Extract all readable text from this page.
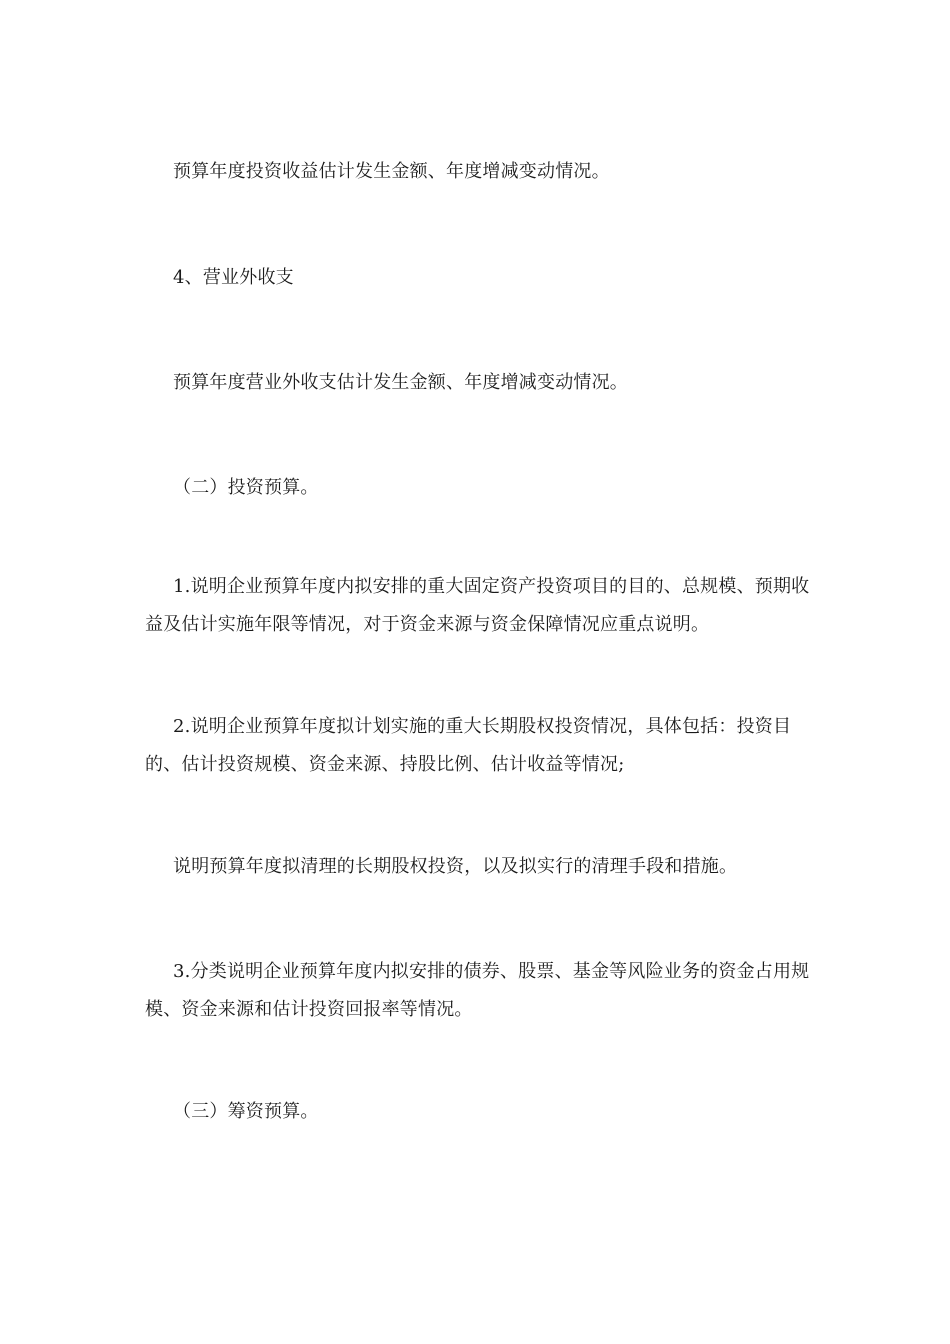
预算年度投资收益估计发生金额、年度增减变动情况。

4、营业外收支

预算年度营业外收支估计发生金额、年度增减变动情况。

（二）投资预算。

1.说明企业预算年度内拟安排的重大固定资产投资项目的目的、总规模、预期收益及估计实施年限等情况，对于资金来源与资金保障情况应重点说明。

2.说明企业预算年度拟计划实施的重大长期股权投资情况，具体包括：投资目的、估计投资规模、资金来源、持股比例、估计收益等情况;

说明预算年度拟清理的长期股权投资，以及拟实行的清理手段和措施。

3.分类说明企业预算年度内拟安排的债券、股票、基金等风险业务的资金占用规模、资金来源和估计投资回报率等情况。

（三）筹资预算。
